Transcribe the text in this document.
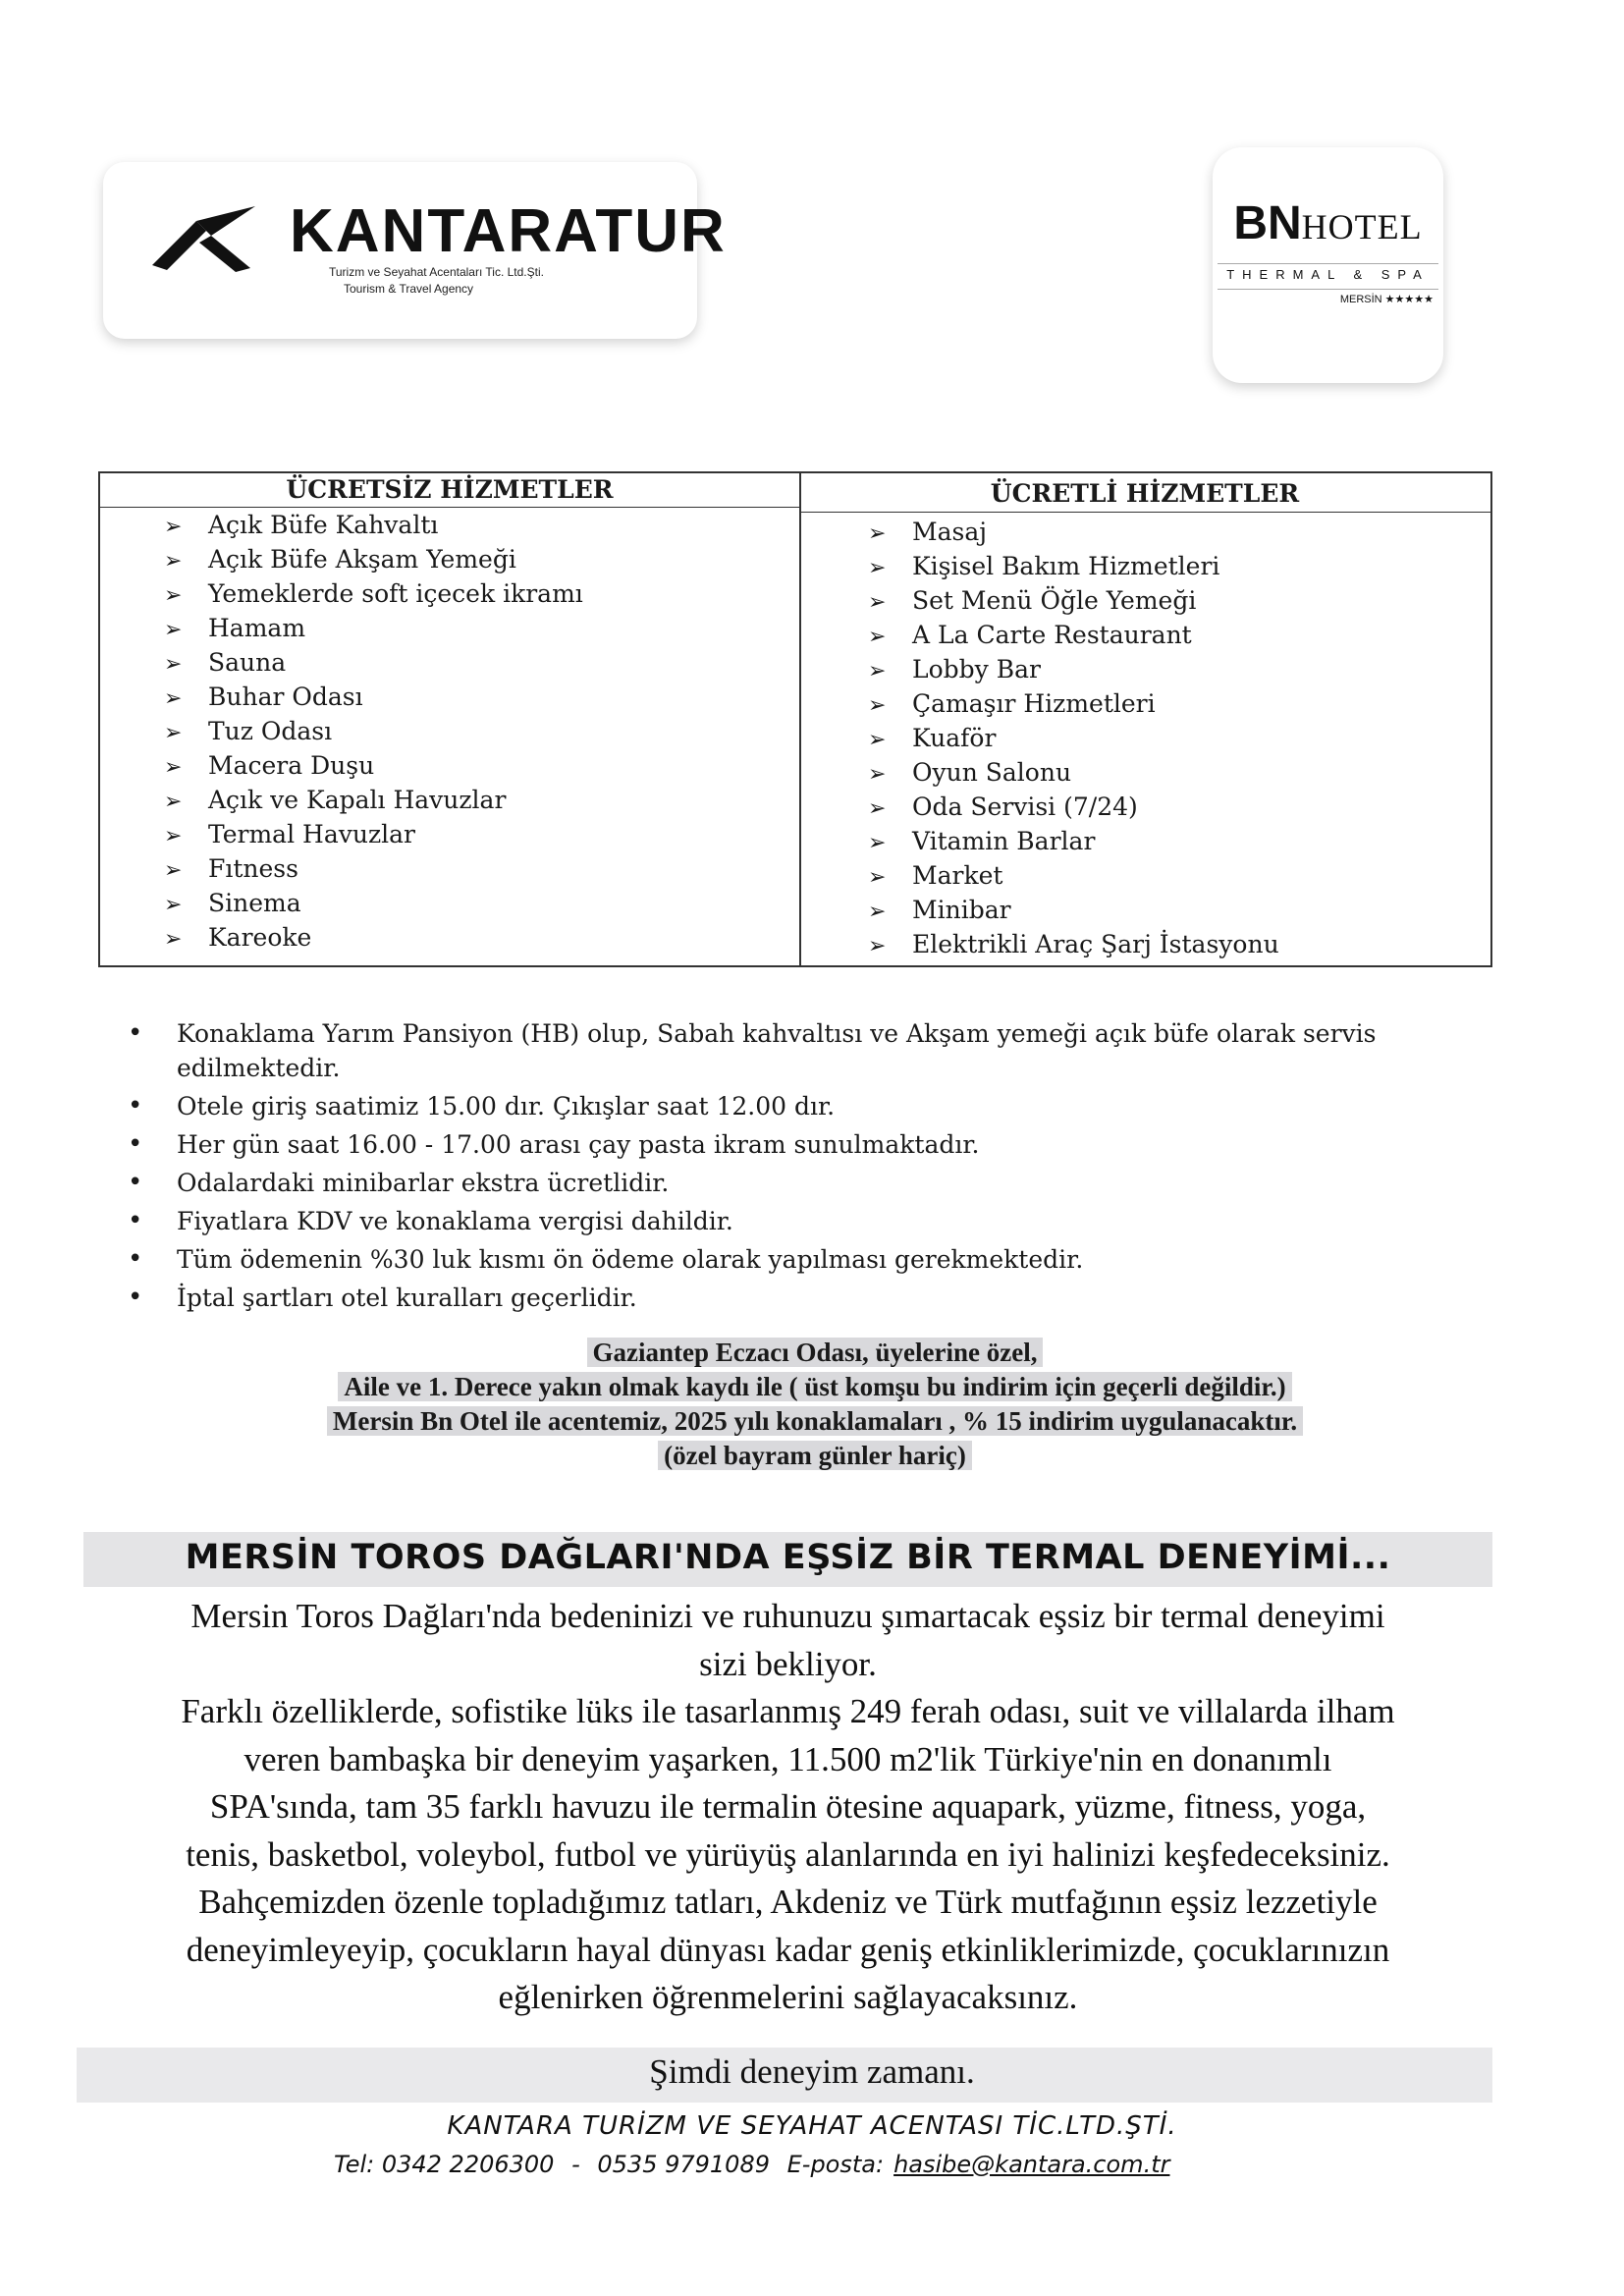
KANTARATUR
Turizm ve Seyahat Acentaları Tic. Ltd.Şti.
Tourism & Travel Agency
BNHOTEL
THERMAL & SPA
MERSİN ★★★★★
ÜCRETSİZ HİZMETLER
➢ Açık Büfe Kahvaltı
➢ Açık Büfe Akşam Yemeği
➢ Yemeklerde soft içecek ikramı
➢ Hamam
➢ Sauna
➢ Buhar Odası
➢ Tuz Odası
➢ Macera Duşu
➢ Açık ve Kapalı Havuzlar
➢ Termal Havuzlar
➢ Fıtness
➢ Sinema
➢ Kareoke
ÜCRETLİ HİZMETLER
➢ Masaj
➢ Kişisel Bakım Hizmetleri
➢ Set Menü Öğle Yemeği
➢ A La Carte Restaurant
➢ Lobby Bar
➢ Çamaşır Hizmetleri
➢ Kuaför
➢ Oyun Salonu
➢ Oda Servisi (7/24)
➢ Vitamin Barlar
➢ Market
➢ Minibar
➢ Elektrikli Araç Şarj İstasyonu
• Konaklama Yarım Pansiyon (HB) olup, Sabah kahvaltısı ve Akşam yemeği açık büfe olarak servis edilmektedir.
• Otele giriş saatimiz 15.00 dır. Çıkışlar saat 12.00 dır.
• Her gün saat 16.00 - 17.00 arası çay pasta ikram sunulmaktadır.
• Odalardaki minibarlar ekstra ücretlidir.
• Fiyatlara KDV ve konaklama vergisi dahildir.
• Tüm ödemenin %30 luk kısmı ön ödeme olarak yapılması gerekmektedir.
• İptal şartları otel kuralları geçerlidir.
Gaziantep Eczacı Odası, üyelerine özel,
Aile ve 1. Derece yakın olmak kaydı ile ( üst komşu bu indirim için geçerli değildir.)
Mersin Bn Otel ile acentemiz, 2025 yılı konaklamaları , % 15 indirim uygulanacaktır.
(özel bayram günler hariç)
MERSİN TOROS DAĞLARI'NDA EŞSİZ BİR TERMAL DENEYİMİ...
Mersin Toros Dağları'nda bedeninizi ve ruhunuzu şımartacak eşsiz bir termal deneyimi
sizi bekliyor.
Farklı özelliklerde, sofistike lüks ile tasarlanmış 249 ferah odası, suit ve villalarda ilham
veren bambaşka bir deneyim yaşarken, 11.500 m2'lik Türkiye'nin en donanımlı
SPA'sında, tam 35 farklı havuzu ile termalin ötesine aquapark, yüzme, fitness, yoga,
tenis, basketbol, voleybol, futbol ve yürüyüş alanlarında en iyi halinizi keşfedeceksiniz.
Bahçemizden özenle topladığımız tatları, Akdeniz ve Türk mutfağının eşsiz lezzetiyle
deneyimleyeyip, çocukların hayal dünyası kadar geniş etkinliklerimizde, çocuklarınızın
eğlenirken öğrenmelerini sağlayacaksınız.
Şimdi deneyim zamanı.
KANTARA TURİZM VE SEYAHAT ACENTASI TİC.LTD.ŞTİ.
Tel: 0342 2206300 - 0535 9791089 E-posta: hasibe@kantara.com.tr
